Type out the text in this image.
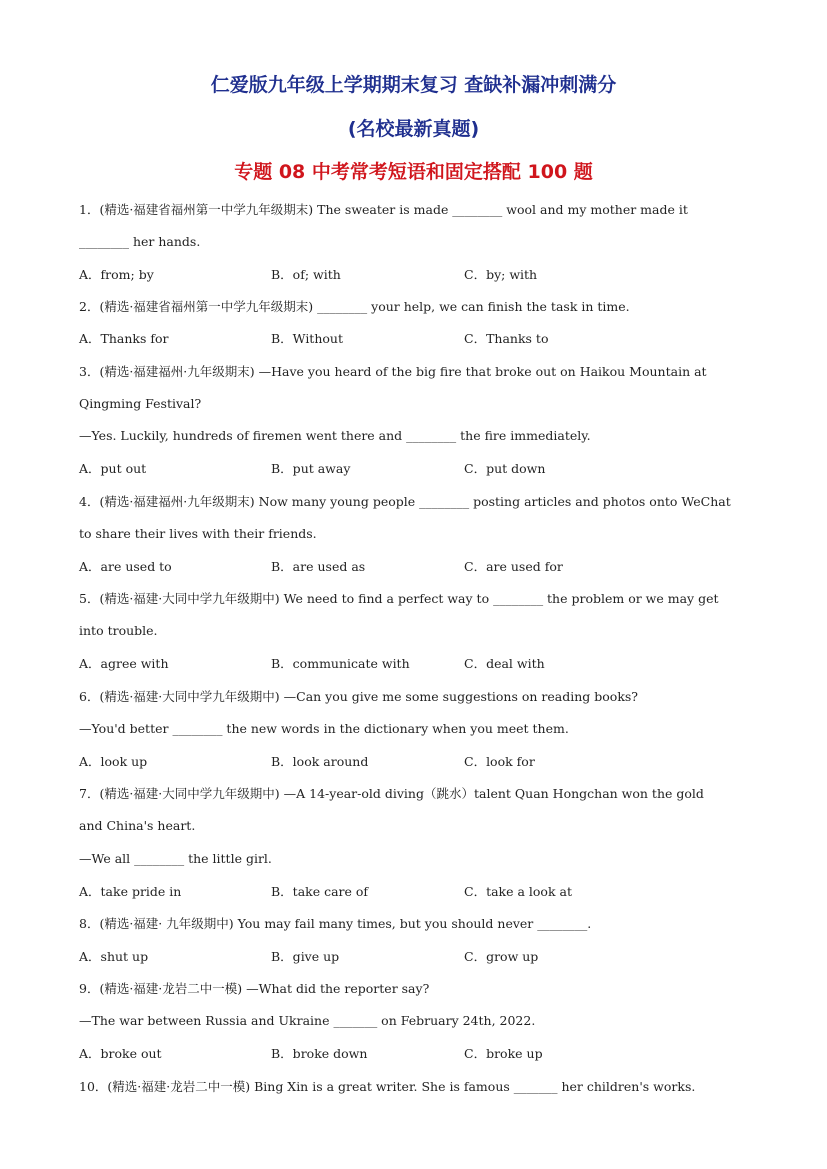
仁爱版九年级上学期期末复习 查缺补漏冲刺满分
(名校最新真题)
专题 08 中考常考短语和固定搭配 100 题
1．(精选·福建省福州第一中学九年级期末) The sweater is made ________ wool and my mother made it
________ her hands.
A．from; by	B．of; with	C．by; with
2．(精选·福建省福州第一中学九年级期末) ________ your help, we can finish the task in time.
A．Thanks for	B．Without	C．Thanks to
3．(精选·福建福州·九年级期末) —Have you heard of the big fire that broke out on Haikou Mountain at
Qingming Festival?
—Yes. Luckily, hundreds of firemen went there and ________ the fire immediately.
A．put out	B．put away	C．put down
4．(精选·福建福州·九年级期末) Now many young people ________ posting articles and photos onto WeChat
to share their lives with their friends.
A．are used to	B．are used as	C．are used for
5．(精选·福建·大同中学九年级期中) We need to find a perfect way to ________ the problem or we may get
into trouble.
A．agree with	B．communicate with	C．deal with
6．(精选·福建·大同中学九年级期中) —Can you give me some suggestions on reading books?
—You'd better ________ the new words in the dictionary when you meet them.
A．look up	B．look around	C．look for
7．(精选·福建·大同中学九年级期中) —A 14-year-old diving（跳水）talent Quan Hongchan won the gold
and China's heart.
—We all ________ the little girl.
A．take pride in	B．take care of	C．take a look at
8．(精选·福建· 九年级期中) You may fail many times, but you should never ________.
A．shut up	B．give up	C．grow up
9．(精选·福建·龙岩二中一模) —What did the reporter say?
—The war between Russia and Ukraine _______ on February 24th, 2022.
A．broke out	B．broke down	C．broke up
10．(精选·福建·龙岩二中一模) Bing Xin is a great writer. She is famous _______ her children's works.
